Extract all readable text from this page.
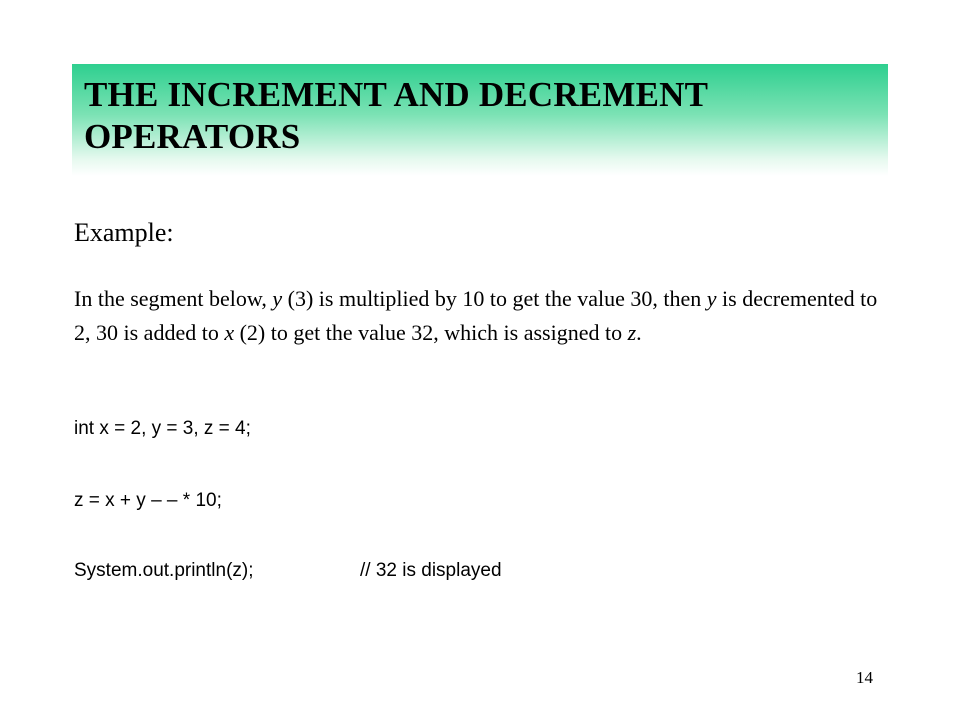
THE INCREMENT AND DECREMENT OPERATORS

Example:

In the segment below, y (3) is multiplied by 10 to get the value 30, then y is decremented to 2, 30 is added to x (2) to get the value 32, which is assigned to z.

int x = 2, y = 3, z = 4;

z = x + y – – * 10;

System.out.println(z);	// 32 is displayed

14
